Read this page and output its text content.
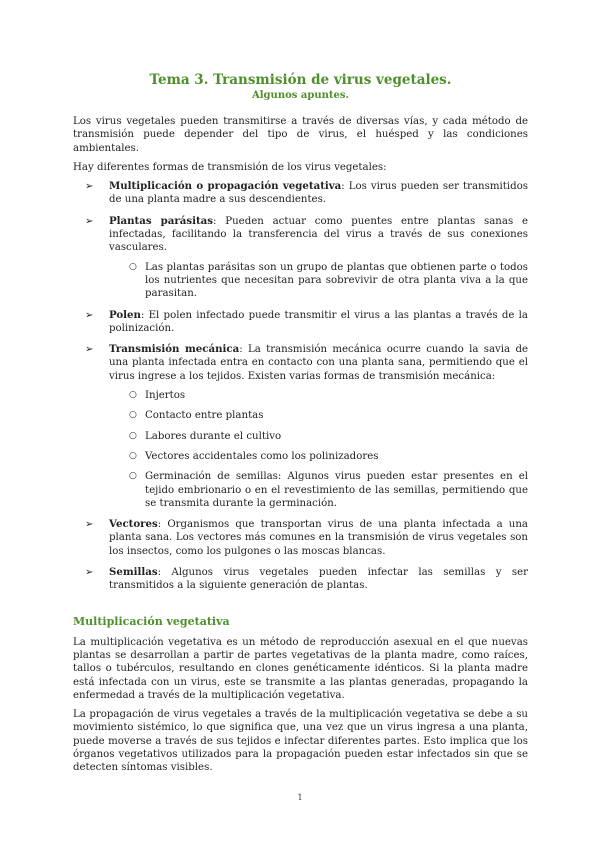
Tema 3. Transmisión de virus vegetales.
Algunos apuntes.

Los virus vegetales pueden transmitirse a través de diversas vías, y cada método de transmisión puede depender del tipo de virus, el huésped y las condiciones ambientales.

Hay diferentes formas de transmisión de los virus vegetales:

➢ Multiplicación o propagación vegetativa: Los virus pueden ser transmitidos de una planta madre a sus descendientes.
➢ Plantas parásitas: Pueden actuar como puentes entre plantas sanas e infectadas, facilitando la transferencia del virus a través de sus conexiones vasculares.
○ Las plantas parásitas son un grupo de plantas que obtienen parte o todos los nutrientes que necesitan para sobrevivir de otra planta viva a la que parasitan.
➢ Polen: El polen infectado puede transmitir el virus a las plantas a través de la polinización.
➢ Transmisión mecánica: La transmisión mecánica ocurre cuando la savia de una planta infectada entra en contacto con una planta sana, permitiendo que el virus ingrese a los tejidos. Existen varias formas de transmisión mecánica:
○ Injertos
○ Contacto entre plantas
○ Labores durante el cultivo
○ Vectores accidentales como los polinizadores
○ Germinación de semillas: Algunos virus pueden estar presentes en el tejido embrionario o en el revestimiento de las semillas, permitiendo que se transmita durante la germinación.
➢ Vectores: Organismos que transportan virus de una planta infectada a una planta sana. Los vectores más comunes en la transmisión de virus vegetales son los insectos, como los pulgones o las moscas blancas.
➢ Semillas: Algunos virus vegetales pueden infectar las semillas y ser transmitidos a la siguiente generación de plantas.
Multiplicación vegetativa

La multiplicación vegetativa es un método de reproducción asexual en el que nuevas plantas se desarrollan a partir de partes vegetativas de la planta madre, como raíces, tallos o tubérculos, resultando en clones genéticamente idénticos. Si la planta madre está infectada con un virus, este se transmite a las plantas generadas, propagando la enfermedad a través de la multiplicación vegetativa.

La propagación de virus vegetales a través de la multiplicación vegetativa se debe a su movimiento sistémico, lo que significa que, una vez que un virus ingresa a una planta, puede moverse a través de sus tejidos e infectar diferentes partes. Esto implica que los órganos vegetativos utilizados para la propagación pueden estar infectados sin que se detecten síntomas visibles.

1
